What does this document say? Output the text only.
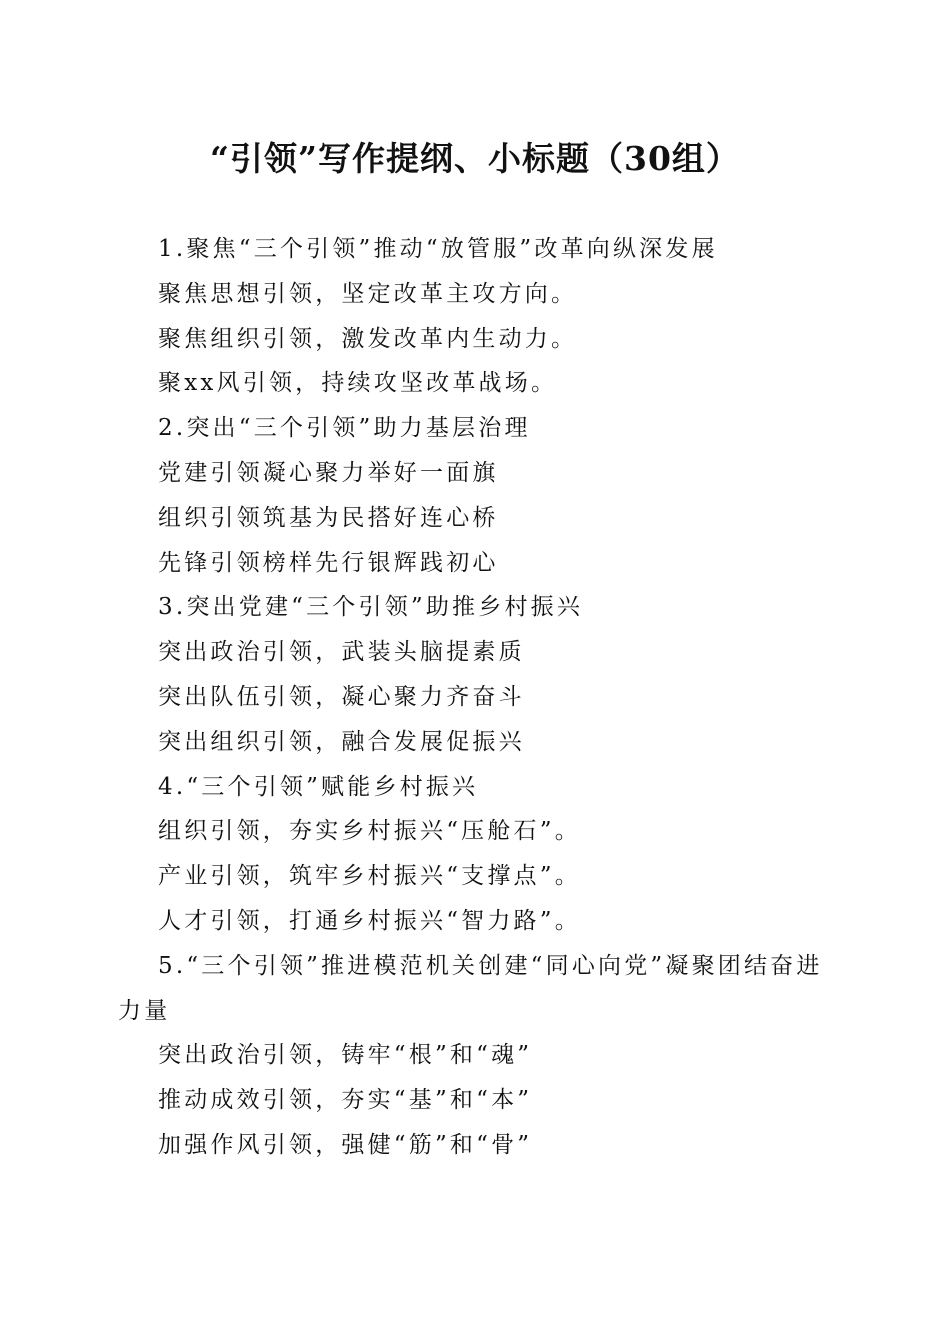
“引领”写作提纲、小标题（30组）
1.聚焦“三个引领”推动“放管服”改革向纵深发展
聚焦思想引领，坚定改革主攻方向。
聚焦组织引领，激发改革内生动力。
聚xx风引领，持续攻坚改革战场。
2.突出“三个引领”助力基层治理
党建引领凝心聚力举好一面旗
组织引领筑基为民搭好连心桥
先锋引领榜样先行银辉践初心
3.突出党建“三个引领”助推乡村振兴
突出政治引领，武装头脑提素质
突出队伍引领，凝心聚力齐奋斗
突出组织引领，融合发展促振兴
4.“三个引领”赋能乡村振兴
组织引领，夯实乡村振兴“压舱石”。
产业引领，筑牢乡村振兴“支撑点”。
人才引领，打通乡村振兴“智力路”。
5.“三个引领”推进模范机关创建“同心向党”凝聚团结奋进力量
突出政治引领，铸牢“根”和“魂”
推动成效引领，夯实“基”和“本”
加强作风引领，强健“筋”和“骨”
